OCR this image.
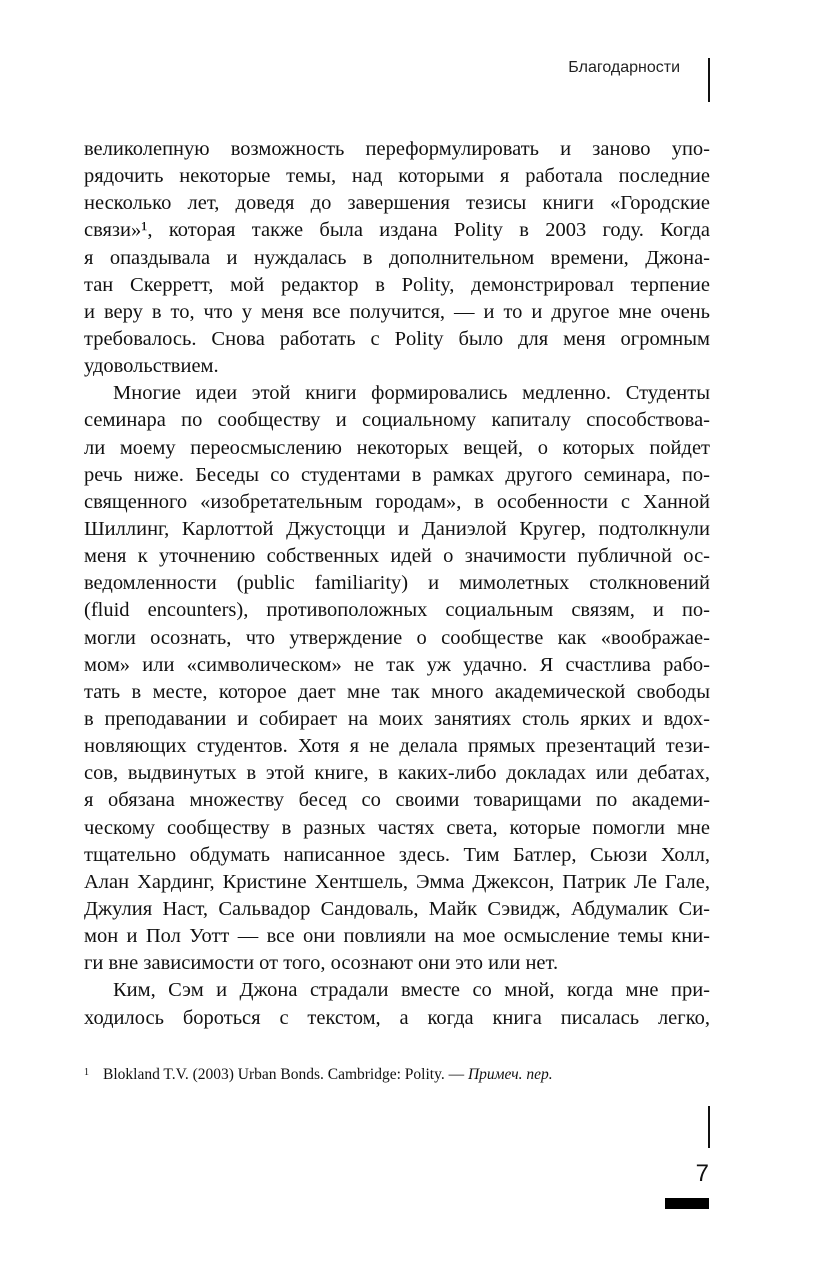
Благодарности
великолепную возможность переформулировать и заново упо-
рядочить некоторые темы, над которыми я работала последние
несколько лет, доведя до завершения тезисы книги «Городские
связи»¹, которая также была издана Polity в 2003 году. Когда
я опаздывала и нуждалась в дополнительном времени, Джона-
тан Скерретт, мой редактор в Polity, демонстрировал терпение
и веру в то, что у меня все получится, — и то и другое мне очень
требовалось. Снова работать с Polity было для меня огромным
удовольствием.
Многие идеи этой книги формировались медленно. Студенты
семинара по сообществу и социальному капиталу способствова-
ли моему переосмыслению некоторых вещей, о которых пойдет
речь ниже. Беседы со студентами в рамках другого семинара, по-
священного «изобретательным городам», в особенности с Ханной
Шиллинг, Карлоттой Джустоцци и Даниэлой Кругер, подтолкнули
меня к уточнению собственных идей о значимости публичной ос-
ведомленности (public familiarity) и мимолетных столкновений
(fluid encounters), противоположных социальным связям, и по-
могли осознать, что утверждение о сообществе как «воображае-
мом» или «символическом» не так уж удачно. Я счастлива рабо-
тать в месте, которое дает мне так много академической свободы
в преподавании и собирает на моих занятиях столь ярких и вдох-
новляющих студентов. Хотя я не делала прямых презентаций тези-
сов, выдвинутых в этой книге, в каких-либо докладах или дебатах,
я обязана множеству бесед со своими товарищами по академи-
ческому сообществу в разных частях света, которые помогли мне
тщательно обдумать написанное здесь. Тим Батлер, Сьюзи Холл,
Алан Хардинг, Кристине Хентшель, Эмма Джексон, Патрик Ле Гале,
Джулия Наст, Сальвадор Сандоваль, Майк Сэвидж, Абдумалик Си-
мон и Пол Уотт — все они повлияли на мое осмысление темы кни-
ги вне зависимости от того, осознают они это или нет.
Ким, Сэм и Джона страдали вместе со мной, когда мне при-
ходилось бороться с текстом, а когда книга писалась легко,
1 Blokland T.V. (2003) Urban Bonds. Cambridge: Polity. — Примеч. пер.
7
